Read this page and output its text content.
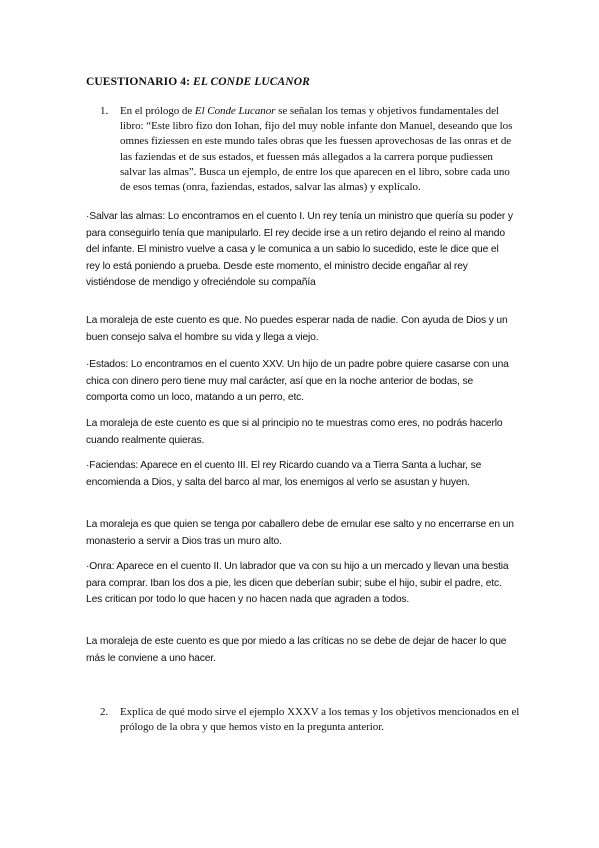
CUESTIONARIO 4: EL CONDE LUCANOR
1. En el prólogo de El Conde Lucanor se señalan los temas y objetivos fundamentales del libro: “Este libro fizo don Iohan, fijo del muy noble infante don Manuel, deseando que los omnes fiziessen en este mundo tales obras que les fuessen aprovechosas de las onras et de las faziendas et de sus estados, et fuessen más allegados a la carrera porque pudiessen salvar las almas”. Busca un ejemplo, de entre los que aparecen en el libro, sobre cada uno de esos temas (onra, faziendas, estados, salvar las almas) y explícalo.
·Salvar las almas: Lo encontramos en el cuento I. Un rey tenía un ministro que quería su poder y para conseguirlo tenía que manipularlo. El rey decide irse a un retiro dejando el reino al mando del infante. El ministro vuelve a casa y le comunica a un sabio lo sucedido, este le dice que el rey lo está poniendo a prueba. Desde este momento, el ministro decide engañar al rey vistiéndose de mendigo y ofreciéndole su compañía
La moraleja de este cuento es que. No puedes esperar nada de nadie. Con ayuda de Dios y un buen consejo salva el hombre su vida y llega a viejo.
·Estados: Lo encontramos en el cuento XXV. Un hijo de un padre pobre quiere casarse con una chica con dinero pero tiene muy mal carácter, así que en la noche anterior de bodas, se comporta como un loco, matando a un perro, etc.
La moraleja de este cuento es que si al principio no te muestras como eres, no podrás hacerlo cuando realmente quieras.
·Faciendas: Aparece en el cuento III. El rey Ricardo cuando va a Tierra Santa a luchar, se encomienda a Dios, y salta del barco al mar, los enemigos al verlo se asustan y huyen.
La moraleja es que quien se tenga por caballero debe de emular ese salto y no encerrarse en un monasterio a servir a Dios tras un muro alto.
·Onra: Aparece en el cuento II. Un labrador que va con su hijo a un mercado y llevan una bestia para comprar. Iban los dos a pie, les dicen que deberían subir; sube el hijo, subir el padre, etc. Les critican por todo lo que hacen y no hacen nada que agraden a todos.
La moraleja de este cuento es que por miedo a las críticas no se debe de dejar de hacer lo que más le conviene a uno hacer.
2. Explica de qué modo sirve el ejemplo XXXV a los temas y los objetivos mencionados en el prólogo de la obra y que hemos visto en la pregunta anterior.
